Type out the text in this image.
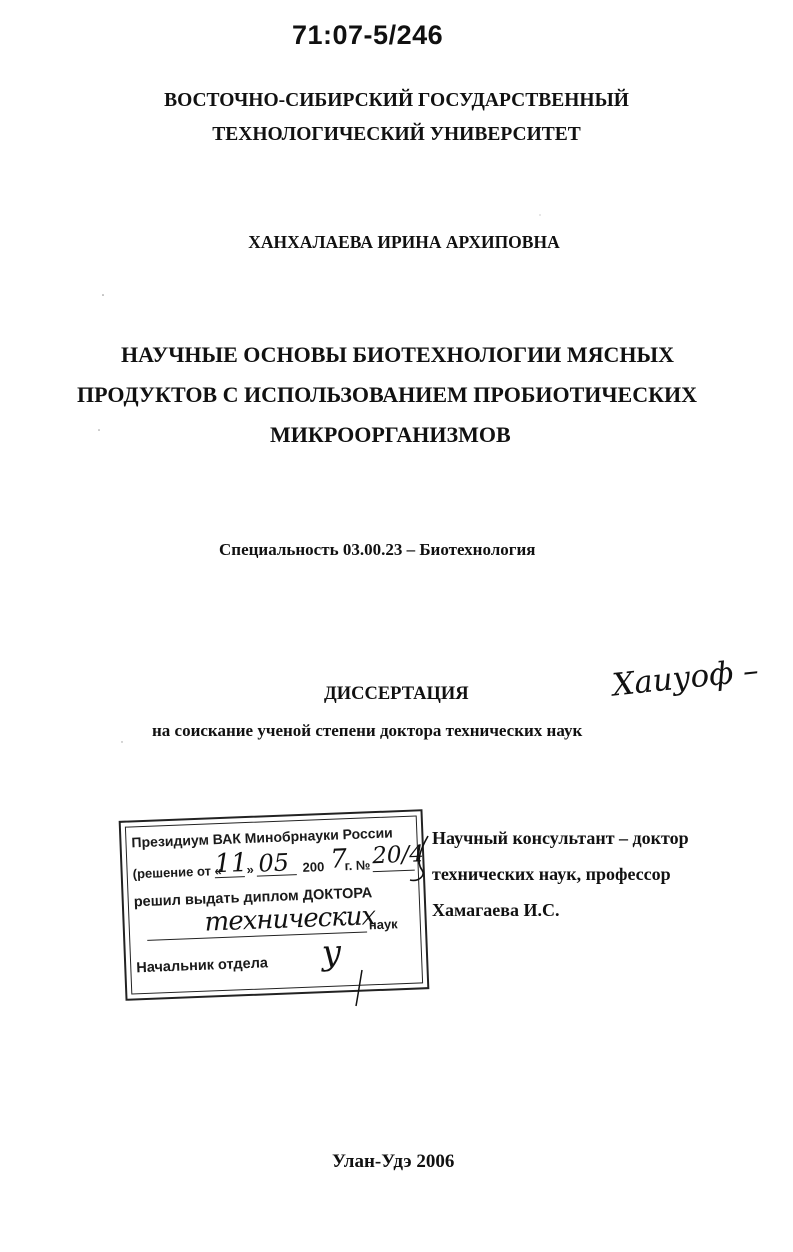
71:07-5/246
ВОСТОЧНО-СИБИРСКИЙ ГОСУДАРСТВЕННЫЙ
ТЕХНОЛОГИЧЕСКИЙ УНИВЕРСИТЕТ
ХАНХАЛАЕВА ИРИНА АРХИПОВНА
НАУЧНЫЕ ОСНОВЫ БИОТЕХНОЛОГИИ МЯСНЫХ
ПРОДУКТОВ С ИСПОЛЬЗОВАНИЕМ ПРОБИОТИЧЕСКИХ
МИКРООРГАНИЗМОВ
Специальность 03.00.23 – Биотехнология
ДИССЕРТАЦИЯ	Хаиуоф –
на соискание ученой степени доктора технических наук
Президиум ВАК Минобрнауки России
(решение от «
11
» 05 200 7
г. № 20/4
решил выдать диплом ДОКТОРА
технических
наук
Начальник отдела у
Научный консультант – доктор
технических наук, профессор
Хамагаева И.С.
Улан-Удэ 2006
